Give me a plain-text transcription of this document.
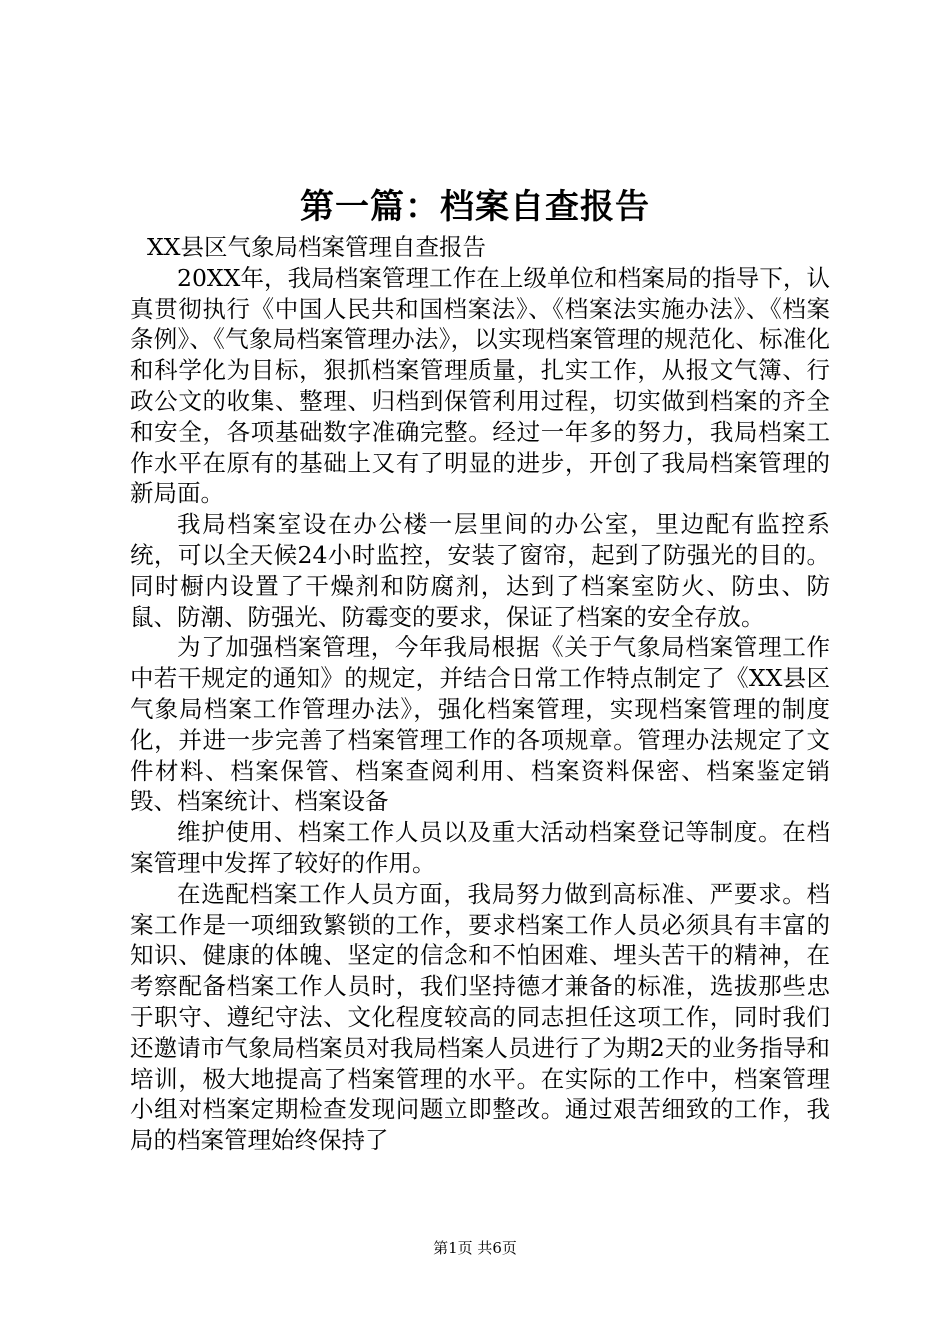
第一篇：档案自查报告

XX县区气象局档案管理自查报告

20XX年，我局档案管理工作在上级单位和档案局的指导下，认真贯彻执行《中国人民共和国档案法》、《档案法实施办法》、《档案条例》、《气象局档案管理办法》，以实现档案管理的规范化、标准化和科学化为目标，狠抓档案管理质量，扎实工作，从报文气簿、行政公文的收集、整理、归档到保管利用过程，切实做到档案的齐全和安全，各项基础数字准确完整。经过一年多的努力，我局档案工作水平在原有的基础上又有了明显的进步，开创了我局档案管理的新局面。

我局档案室设在办公楼一层里间的办公室，里边配有监控系统，可以全天候24小时监控，安装了窗帘，起到了防强光的目的。同时橱内设置了干燥剂和防腐剂，达到了档案室防火、防虫、防鼠、防潮、防强光、防霉变的要求，保证了档案的安全存放。

为了加强档案管理，今年我局根据《关于气象局档案管理工作中若干规定的通知》的规定，并结合日常工作特点制定了《XX县区气象局档案工作管理办法》，强化档案管理，实现档案管理的制度化，并进一步完善了档案管理工作的各项规章。管理办法规定了文件材料、档案保管、档案查阅利用、档案资料保密、档案鉴定销毁、档案统计、档案设备

维护使用、档案工作人员以及重大活动档案登记等制度。在档案管理中发挥了较好的作用。

在选配档案工作人员方面，我局努力做到高标准、严要求。档案工作是一项细致繁锁的工作，要求档案工作人员必须具有丰富的知识、健康的体魄、坚定的信念和不怕困难、埋头苦干的精神，在考察配备档案工作人员时，我们坚持德才兼备的标准，选拔那些忠于职守、遵纪守法、文化程度较高的同志担任这项工作，同时我们还邀请市气象局档案员对我局档案人员进行了为期2天的业务指导和培训，极大地提高了档案管理的水平。在实际的工作中，档案管理小组对档案定期检查发现问题立即整改。通过艰苦细致的工作，我局的档案管理始终保持了

第1页 共6页
